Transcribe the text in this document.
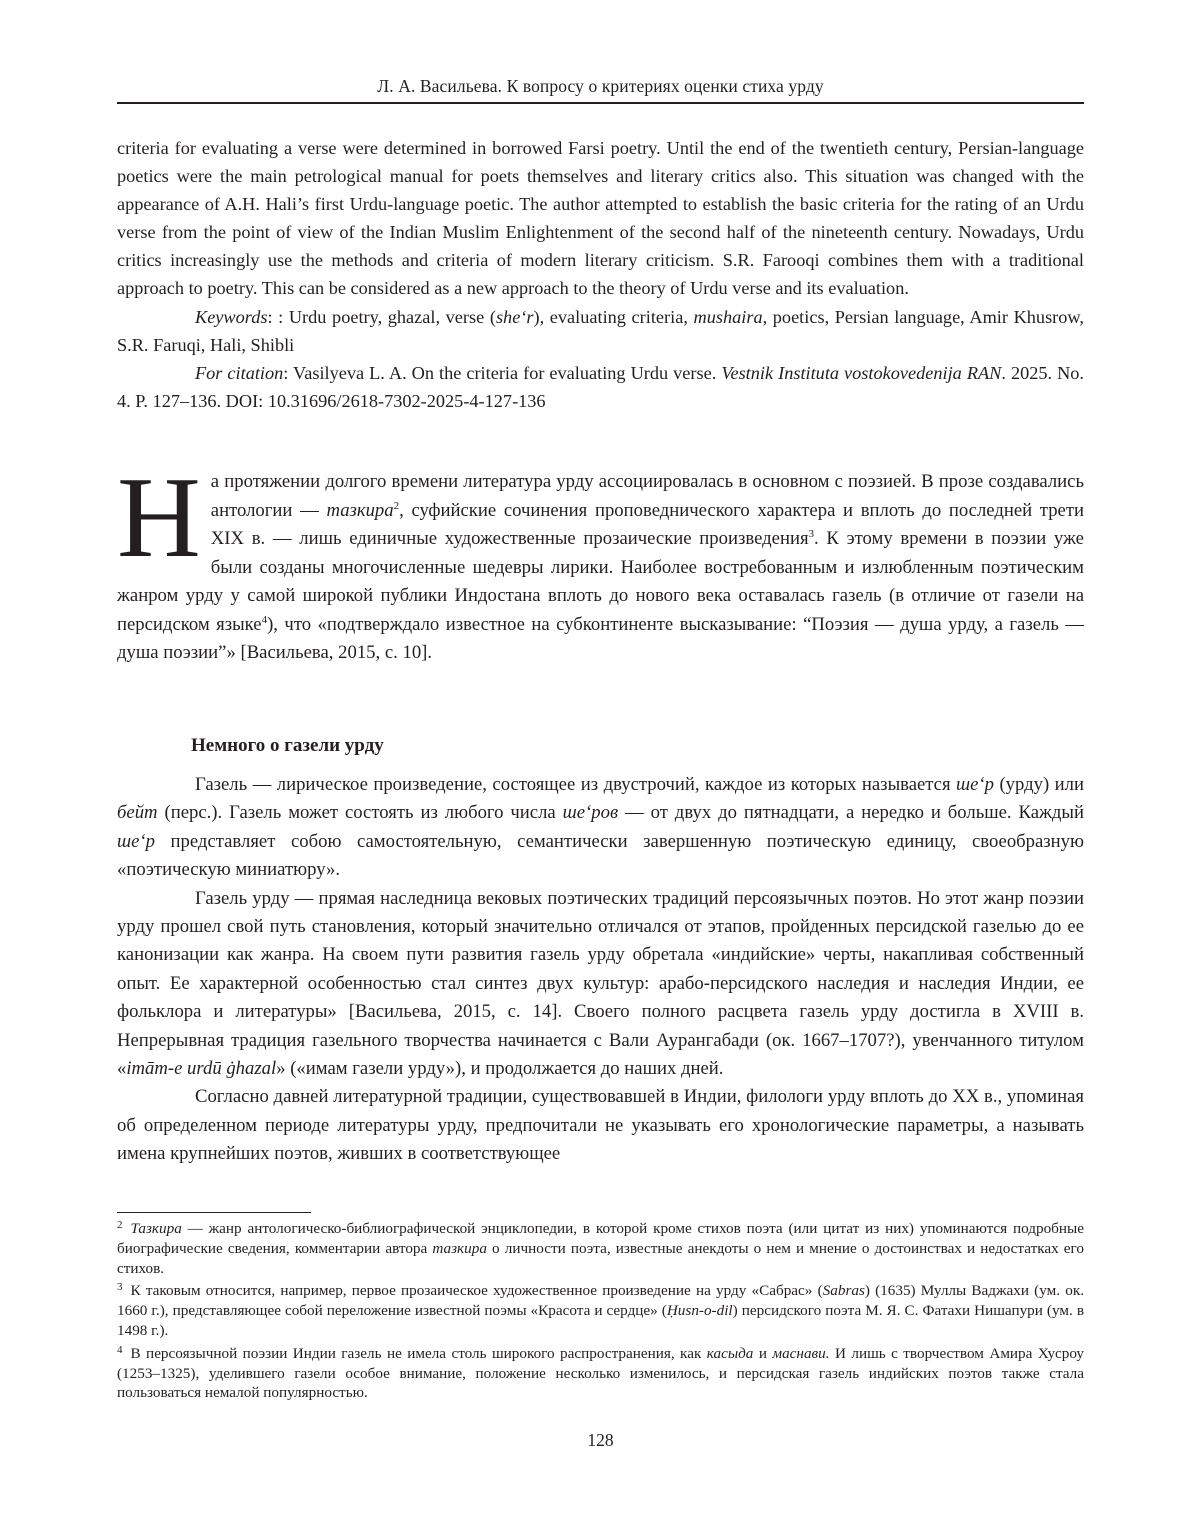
Л. А. Васильева. К вопросу о критериях оценки стиха урду

criteria for evaluating a verse were determined in borrowed Farsi poetry. Until the end of the twentieth century, Persian-language poetics were the main petrological manual for poets themselves and literary critics also. This situation was changed with the appearance of A.H. Hali’s first Urdu-language poetic. The author attempted to establish the basic criteria for the rating of an Urdu verse from the point of view of the Indian Muslim Enlightenment of the second half of the nineteenth century. Nowadays, Urdu critics increasingly use the methods and criteria of modern literary criticism. S.R. Farooqi combines them with a traditional approach to poetry. This can be considered as a new approach to the theory of Urdu verse and its evaluation.

Keywords: : Urdu poetry, ghazal, verse (she‘r), evaluating criteria, mushaira, poetics, Persian language, Amir Khusrow, S.R. Faruqi, Hali, Shibli

For citation: Vasilyeva L. A. On the criteria for evaluating Urdu verse. Vestnik Instituta vostokovedenija RAN. 2025. No. 4. P. 127–136. DOI: 10.31696/2618-7302-2025-4-127-136

На протяжении долгого времени литература урду ассоциировалась в основном с поэзией. В прозе создавались антологии — тазкира$^2$, суфийские сочинения проповеднического характера и вплоть до последней трети XIX в. — лишь единичные художественные прозаические произведения$^3$. К этому времени в поэзии уже были созданы многочисленные шедевры лирики. Наиболее востребованным и излюбленным поэтическим жанром урду у самой широкой публики Индостана вплоть до нового века оставалась газель (в отличие от газели на персидском языке$^4$), что «подтверждало известное на субконтиненте высказывание: “Поэзия — душа урду, а газель — душа поэзии”» [Васильева, 2015, с. 10].

Немного о газели урду

Газель — лирическое произведение, состоящее из двустрочий, каждое из которых называется ше‘р (урду) или бейт (перс.). Газель может состоять из любого числа ше‘ров — от двух до пятнадцати, а нередко и больше. Каждый ше‘р представляет собою самостоятельную, семантически завершенную поэтическую единицу, своеобразную «поэтическую миниатюру».

Газель урду — прямая наследница вековых поэтических традиций персоязычных поэтов. Но этот жанр поэзии урду прошел свой путь становления, который значительно отличался от этапов, пройденных персидской газелью до ее канонизации как жанра. На своем пути развития газель урду обретала «индийские» черты, накапливая собственный опыт. Ее характерной особенностью стал синтез двух культур: арабо-персидского наследия и наследия Индии, ее фольклора и литературы» [Васильева, 2015, с. 14]. Своего полного расцвета газель урду достигла в XVIII в. Непрерывная традиция газельного творчества начинается с Вали Аурангабади (ок. 1667–1707?), увенчанного титулом «imām-e urdū ġhazal» («имам газели урду»), и продолжается до наших дней.

Согласно давней литературной традиции, существовавшей в Индии, филологи урду вплоть до XX в., упоминая об определенном периоде литературы урду, предпочитали не указывать его хронологические параметры, а называть имена крупнейших поэтов, живших в соответствующее

$^2$ Тазкира — жанр антологическо-библиографической энциклопедии, в которой кроме стихов поэта (или цитат из них) упоминаются подробные биографические сведения, комментарии автора тазкира о личности поэта, известные анекдоты о нем и мнение о достоинствах и недостатках его стихов.

$^3$ К таковым относится, например, первое прозаическое художественное произведение на урду «Сабрас» (Sabras) (1635) Муллы Ваджахи (ум. ок. 1660 г.), представляющее собой переложение известной поэмы «Красота и сердце» (Ḥusn-o-dil) персидского поэта М. Я. С. Фатахи Нишапури (ум. в 1498 г.).

$^4$ В персоязычной поэзии Индии газель не имела столь широкого распространения, как касыда и маснави. И лишь с творчеством Амира Хусроу (1253–1325), уделившего газели особое внимание, положение несколько изменилось, и персидская газель индийских поэтов также стала пользоваться немалой популярностью.

128
